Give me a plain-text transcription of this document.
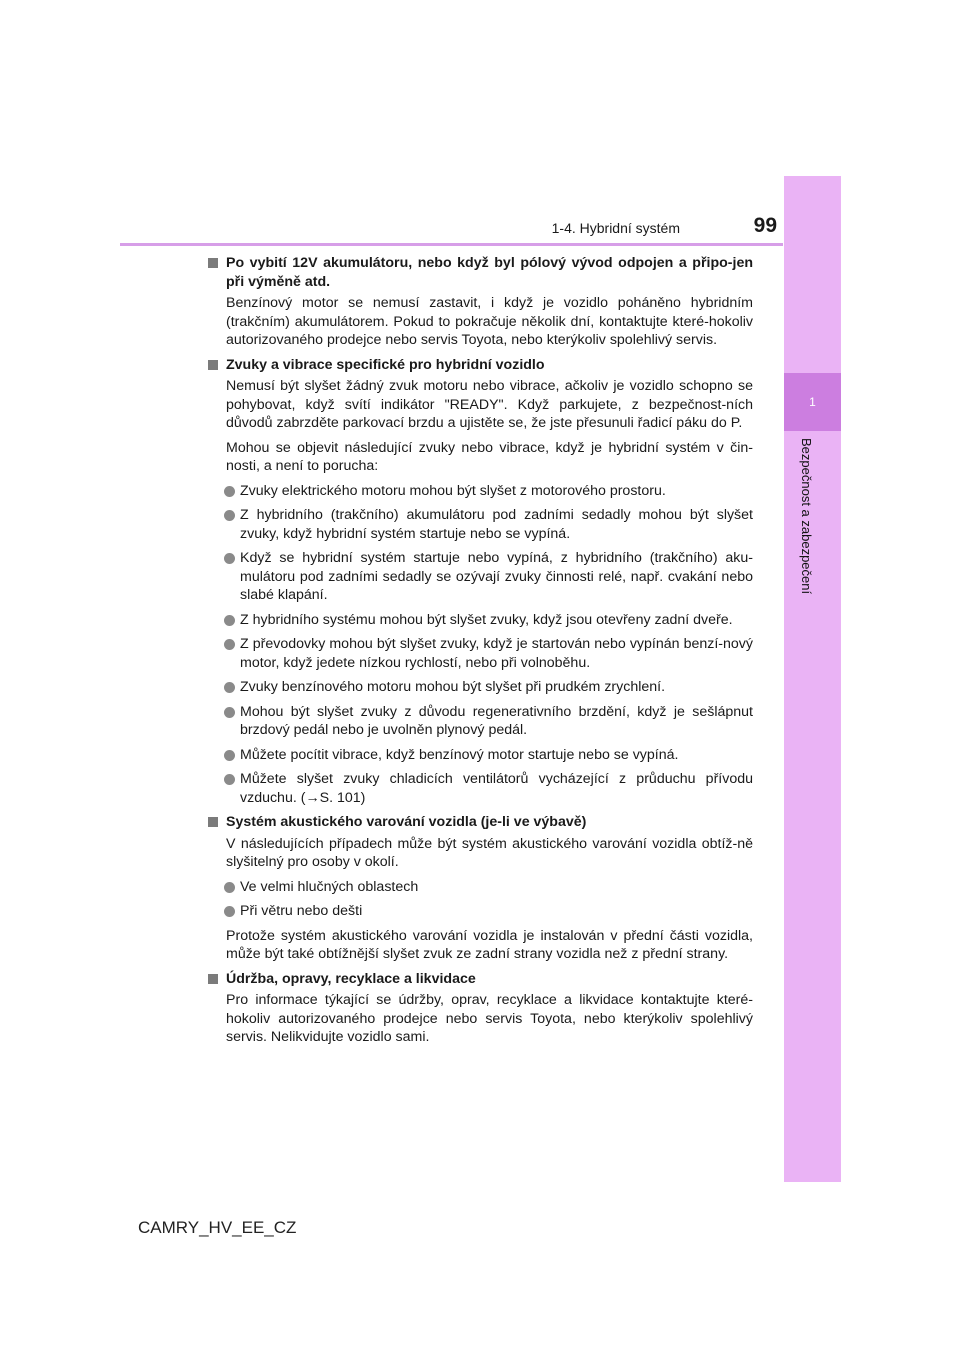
1-4. Hybridní systém	99
1
Bezpečnost a zabezpečení
Po vybití 12V akumulátoru, nebo když byl pólový vývod odpojen a připo-jen při výměně atd.

Benzínový motor se nemusí zastavit, i když je vozidlo poháněno hybridním (trakčním) akumulátorem. Pokud to pokračuje několik dní, kontaktujte které-hokoliv autorizovaného prodejce nebo servis Toyota, nebo kterýkoliv spolehlivý servis.

Zvuky a vibrace specifické pro hybridní vozidlo

Nemusí být slyšet žádný zvuk motoru nebo vibrace, ačkoliv je vozidlo schopno se pohybovat, když svítí indikátor "READY". Když parkujete, z bezpečnost-ních důvodů zabrzděte parkovací brzdu a ujistěte se, že jste přesunuli řadicí páku do P.

Mohou se objevit následující zvuky nebo vibrace, když je hybridní systém v čin-nosti, a není to porucha:

Zvuky elektrického motoru mohou být slyšet z motorového prostoru.
Z hybridního (trakčního) akumulátoru pod zadními sedadly mohou být slyšet zvuky, když hybridní systém startuje nebo se vypíná.
Když se hybridní systém startuje nebo vypíná, z hybridního (trakčního) aku-mulátoru pod zadními sedadly se ozývají zvuky činnosti relé, např. cvakání nebo slabé klapání.
Z hybridního systému mohou být slyšet zvuky, když jsou otevřeny zadní dveře.
Z převodovky mohou být slyšet zvuky, když je startován nebo vypínán benzí-nový motor, když jedete nízkou rychlostí, nebo při volnoběhu.
Zvuky benzínového motoru mohou být slyšet při prudkém zrychlení.
Mohou být slyšet zvuky z důvodu regenerativního brzdění, když je sešlápnut brzdový pedál nebo je uvolněn plynový pedál.
Můžete pocítit vibrace, když benzínový motor startuje nebo se vypíná.
Můžete slyšet zvuky chladicích ventilátorů vycházející z průduchu přívodu vzduchu. (→S. 101)
Systém akustického varování vozidla (je-li ve výbavě)

V následujících případech může být systém akustického varování vozidla obtíž-ně slyšitelný pro osoby v okolí.

Ve velmi hlučných oblastech
Při větru nebo dešti

Protože systém akustického varování vozidla je instalován v přední části vozidla, může být také obtížnější slyšet zvuk ze zadní strany vozidla než z přední strany.

Údržba, opravy, recyklace a likvidace

Pro informace týkající se údržby, oprav, recyklace a likvidace kontaktujte které-hokoliv autorizovaného prodejce nebo servis Toyota, nebo kterýkoliv spolehlivý servis. Nelikvidujte vozidlo sami.

CAMRY_HV_EE_CZ
